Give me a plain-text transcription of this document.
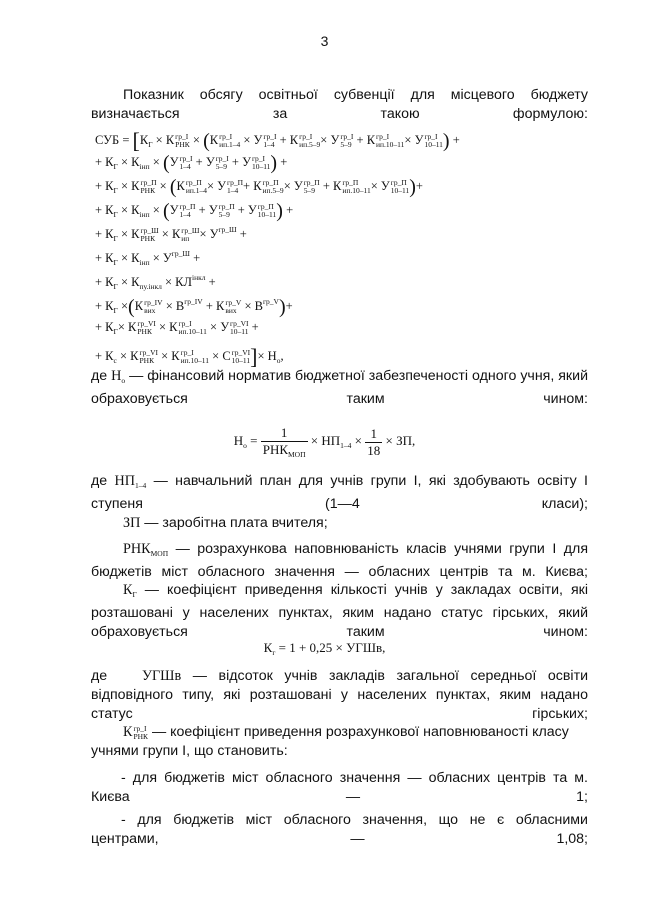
3
Показник обсягу освітньої субвенції для місцевого бюджету визначається за такою формулою:
СУБ = [$К_Г \times К$ гр_І
РНК × (К гр_І
ип.1–4 × У гр_І
1–4 + К гр_І
ип.5–9 × У гр_І
5–9 + К гр_І
ип.10–11 × У гр_І
10–11 ) +
+ $К_Г \times К_{інп} \times (У$ гр_І
1–4 + У гр_І
5–9 + У гр_І
10–11 ) +
+ $К_Г \times К$ гр_П
РНК × (К гр_П
ип.1–4 × У гр_П
1–4 + К гр_П
ип.5–9 × У гр_П
5–9 + К гр_П
ип.10–11 × У гр_П
10–11 )+
+ $К_Г \times К_{інп} \times (У$ гр_П
1–4 + У гр_П
5–9 + У гр_П
10–11 ) +
+ $К_Г \times К$ гр_Ш
РНК × К гр_Ш
ип × $У^{гр\_Ш}$ +
+ $К_Г \times К_{інп} \times У^{гр\_Ш}$ +
+ $К_Г \times К_{пу.інкл} \times КЛ^{інкл}$ +
+ $К_Г \times(К$ гр_IV
вих × $В^{гр\_IV} + К$ гр_V
вих × $В^{гр\_V})+$
+ $К_Г\times К$ гр_VI
РНК × К гр_І
ип.10–11 × У гр_VI
10–11 +
+ $К_с \times К$ гр_VI
РНК × К гр_І
ип.10–11 × С гр_VI
10–11 ]× $Н_о$,
де $Н_о$ — фінансовий норматив бюджетної забезпеченості одного учня, який обраховується таким чином:
$Н_о = \frac{1}{РНК_{МОП}} \times НП_{1-4} \times \frac{1}{18}$ × ЗП,
де $НП_{1-4}$ — навчальний план для учнів групи I, які здобувають освіту I ступеня (1—4 класи);
ЗП — заробітна плата вчителя;
$РНК_{МОП}$ — розрахункова наповнюваність класів учнями групи І для бюджетів міст обласного значення — обласних центрів та м. Києва;
$К_Г$ — коефіцієнт приведення кількості учнів у закладах освіти, які розташовані у населених пунктах, яким надано статус гірських, який обраховується таким чином:
$К_г = 1 + 0,25$ × УГШв,
де УГШв — відсоток учнів закладів загальної середньої освіти відповідного типу, які розташовані у населених пунктах, яким надано статус гірських;
К гр_І
РНК — коефіцієнт приведення розрахункової наповнюваності класу учнями групи І, що становить:
- для бюджетів міст обласного значення — обласних центрів та м. Києва — 1;
- для бюджетів міст обласного значення, що не є обласними центрами, — 1,08;
